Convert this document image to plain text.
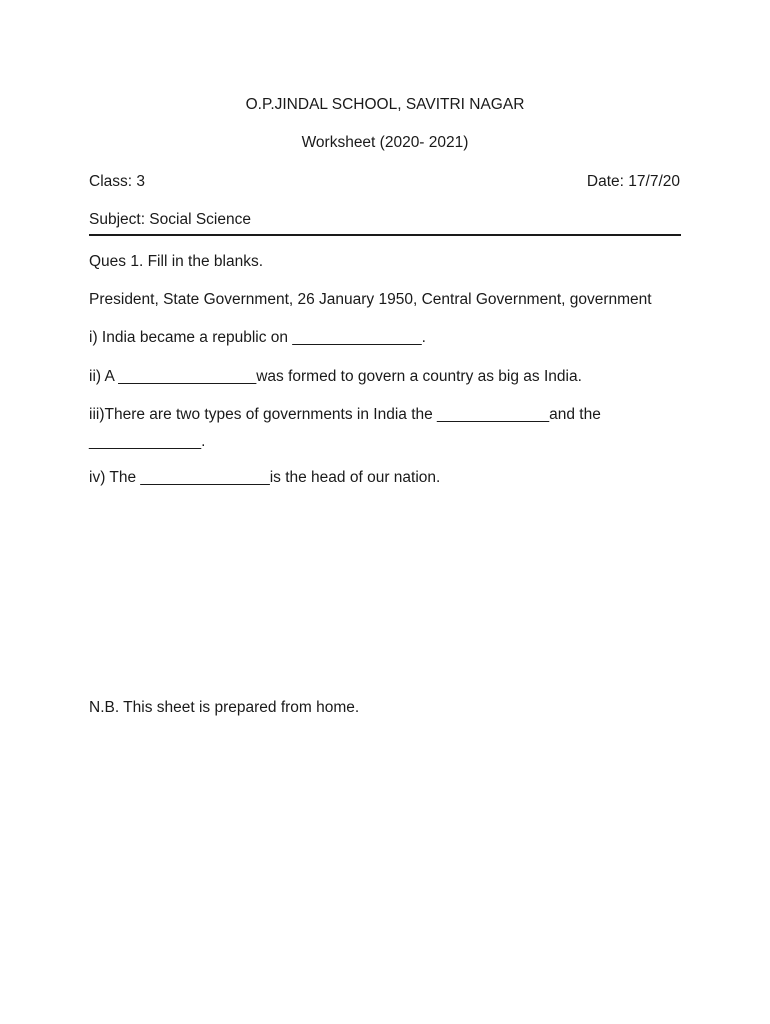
O.P.JINDAL SCHOOL, SAVITRI NAGAR
Worksheet (2020- 2021)
Class: 3	Date: 17/7/20
Subject: Social Science
Ques 1. Fill in the blanks.
President, State Government, 26 January 1950, Central Government, government
i) India became a republic on _______________.
ii) A ________________was formed to govern a country as big as India.
iii)There are two types of governments in India the _____________and the
_____________.
iv) The _______________is the head of our nation.
N.B. This sheet is prepared from home.
